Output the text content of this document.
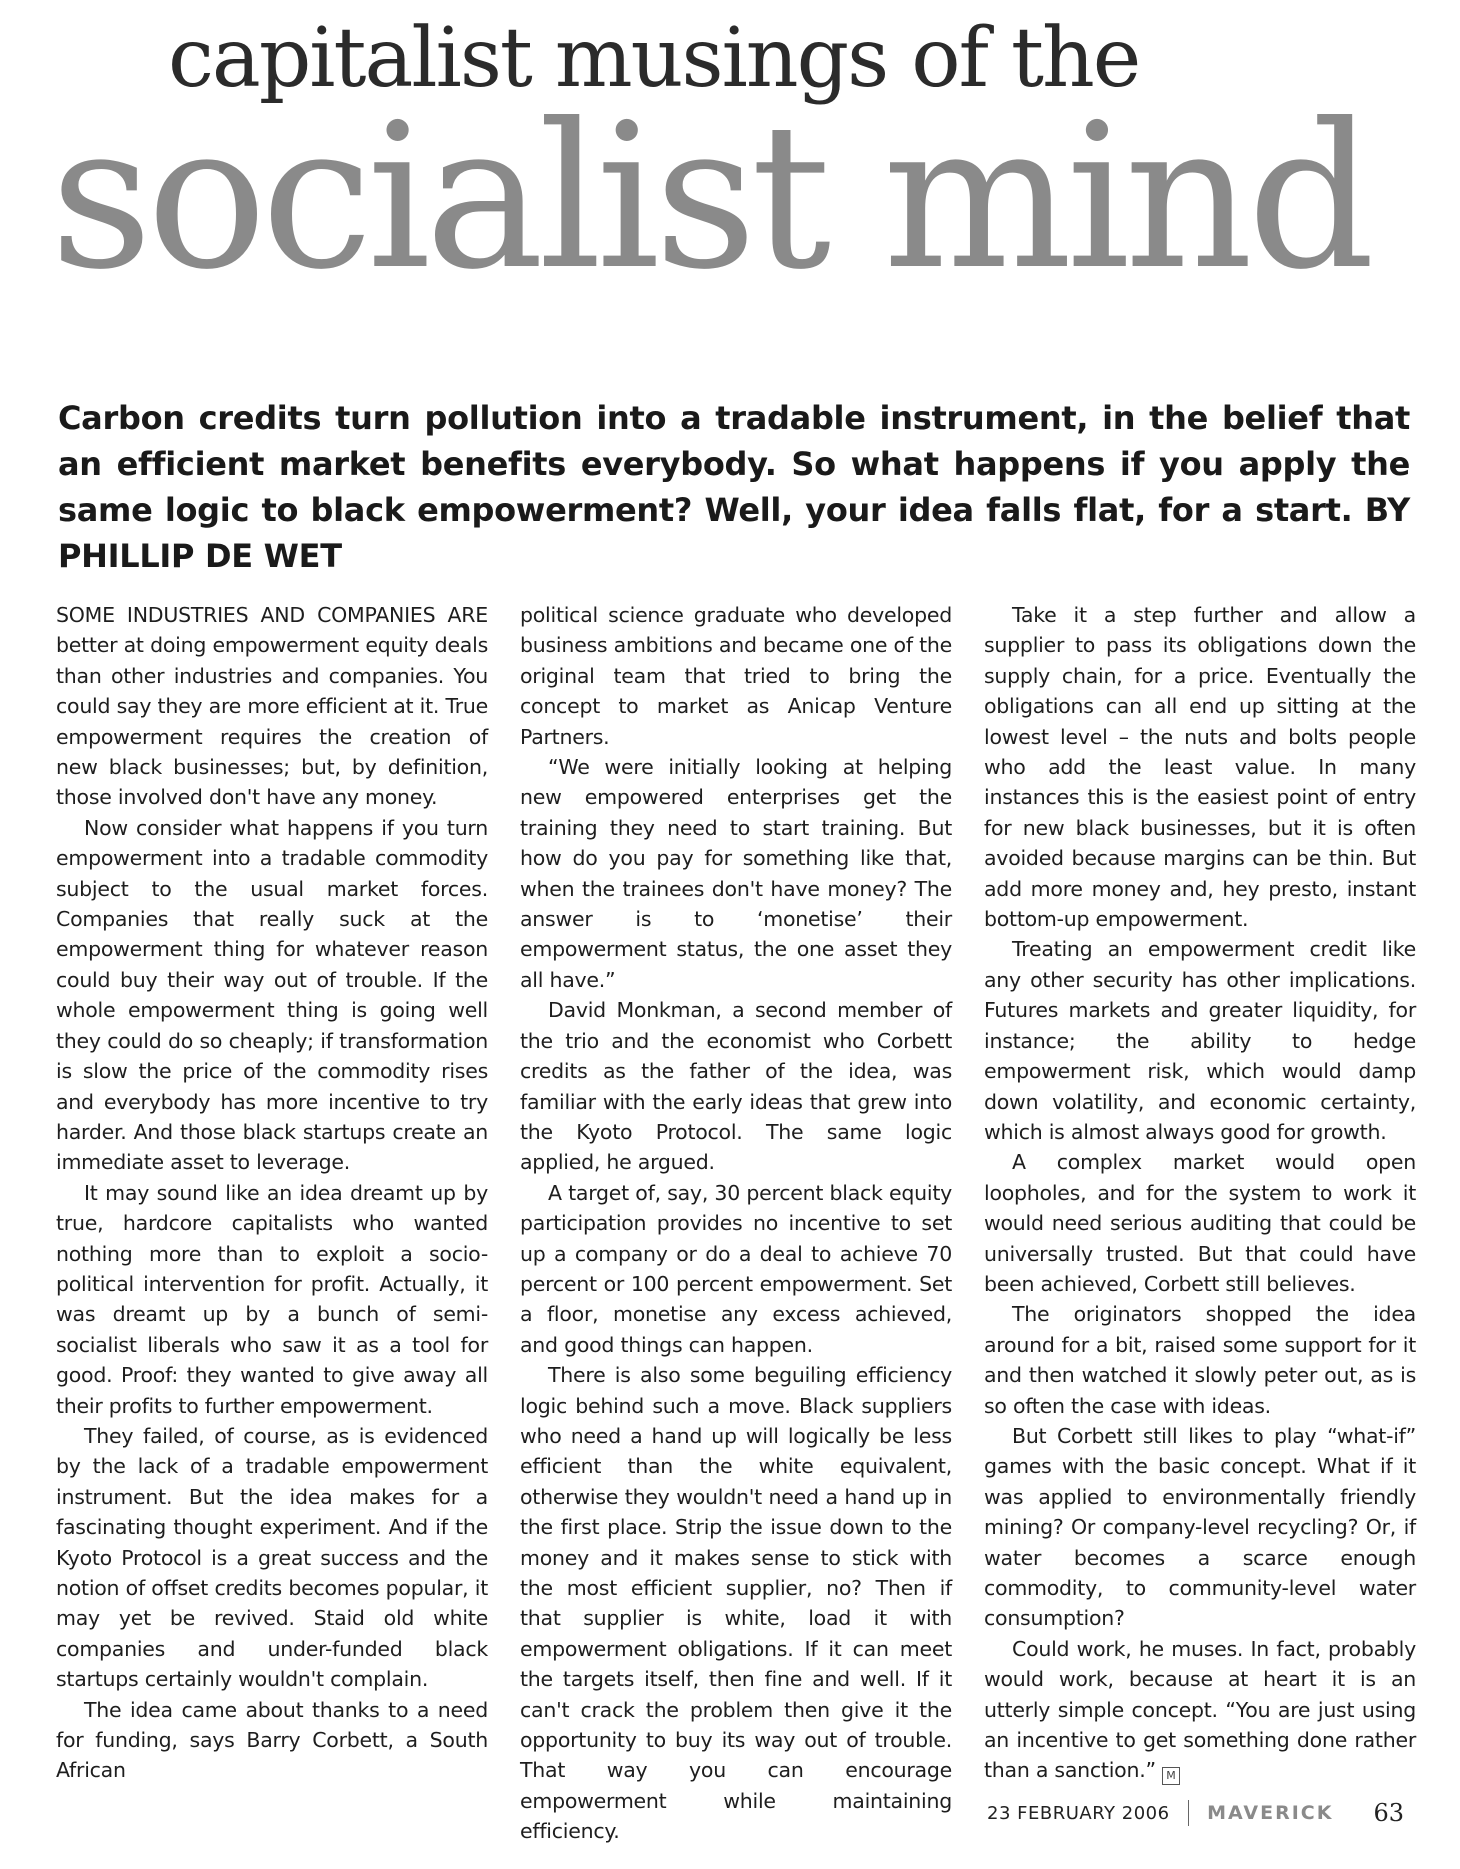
capitalist musings of the
socialist mind
Carbon credits turn pollution into a tradable instrument, in the belief that an efficient market benefits everybody. So what happens if you apply the same logic to black empowerment? Well, your idea falls flat, for a start. BY PHILLIP DE WET

SOME INDUSTRIES AND COMPANIES ARE better at doing empowerment equity deals than other industries and companies. You could say they are more efficient at it. True empowerment requires the creation of new black businesses; but, by definition, those involved don't have any money.

Now consider what happens if you turn empowerment into a tradable commodity subject to the usual market forces. Companies that really suck at the empowerment thing for whatever reason could buy their way out of trouble. If the whole empowerment thing is going well they could do so cheaply; if transformation is slow the price of the commodity rises and everybody has more incentive to try harder. And those black startups create an immediate asset to leverage.

It may sound like an idea dreamt up by true, hardcore capitalists who wanted nothing more than to exploit a socio-political intervention for profit. Actually, it was dreamt up by a bunch of semi-socialist liberals who saw it as a tool for good. Proof: they wanted to give away all their profits to further empowerment.

They failed, of course, as is evidenced by the lack of a tradable empowerment instrument. But the idea makes for a fascinating thought experiment. And if the Kyoto Protocol is a great success and the notion of offset credits becomes popular, it may yet be revived. Staid old white companies and under-funded black startups certainly wouldn't complain.

The idea came about thanks to a need for funding, says Barry Corbett, a South African

political science graduate who developed business ambitions and became one of the original team that tried to bring the concept to market as Anicap Venture Partners.

“We were initially looking at helping new empowered enterprises get the training they need to start training. But how do you pay for something like that, when the trainees don't have money? The answer is to ‘monetise’ their empowerment status, the one asset they all have.”

David Monkman, a second member of the trio and the economist who Corbett credits as the father of the idea, was familiar with the early ideas that grew into the Kyoto Protocol. The same logic applied, he argued.

A target of, say, 30 percent black equity participation provides no incentive to set up a company or do a deal to achieve 70 percent or 100 percent empowerment. Set a floor, monetise any excess achieved, and good things can happen.

There is also some beguiling efficiency logic behind such a move. Black suppliers who need a hand up will logically be less efficient than the white equivalent, otherwise they wouldn't need a hand up in the first place. Strip the issue down to the money and it makes sense to stick with the most efficient supplier, no? Then if that supplier is white, load it with empowerment obligations. If it can meet the targets itself, then fine and well. If it can't crack the problem then give it the opportunity to buy its way out of trouble. That way you can encourage empowerment while maintaining efficiency.

Take it a step further and allow a supplier to pass its obligations down the supply chain, for a price. Eventually the obligations can all end up sitting at the lowest level – the nuts and bolts people who add the least value. In many instances this is the easiest point of entry for new black businesses, but it is often avoided because margins can be thin. But add more money and, hey presto, instant bottom-up empowerment.

Treating an empowerment credit like any other security has other implications. Futures markets and greater liquidity, for instance; the ability to hedge empowerment risk, which would damp down volatility, and economic certainty, which is almost always good for growth.

A complex market would open loopholes, and for the system to work it would need serious auditing that could be universally trusted. But that could have been achieved, Corbett still believes.

The originators shopped the idea around for a bit, raised some support for it and then watched it slowly peter out, as is so often the case with ideas.

But Corbett still likes to play “what-if” games with the basic concept. What if it was applied to environmentally friendly mining? Or company-level recycling? Or, if water becomes a scarce enough commodity, to community-level water consumption?

Could work, he muses. In fact, probably would work, because at heart it is an utterly simple concept. “You are just using an incentive to get something done rather than a sanction.” M

23 FEBRUARY 2006 MAVERICK 63
